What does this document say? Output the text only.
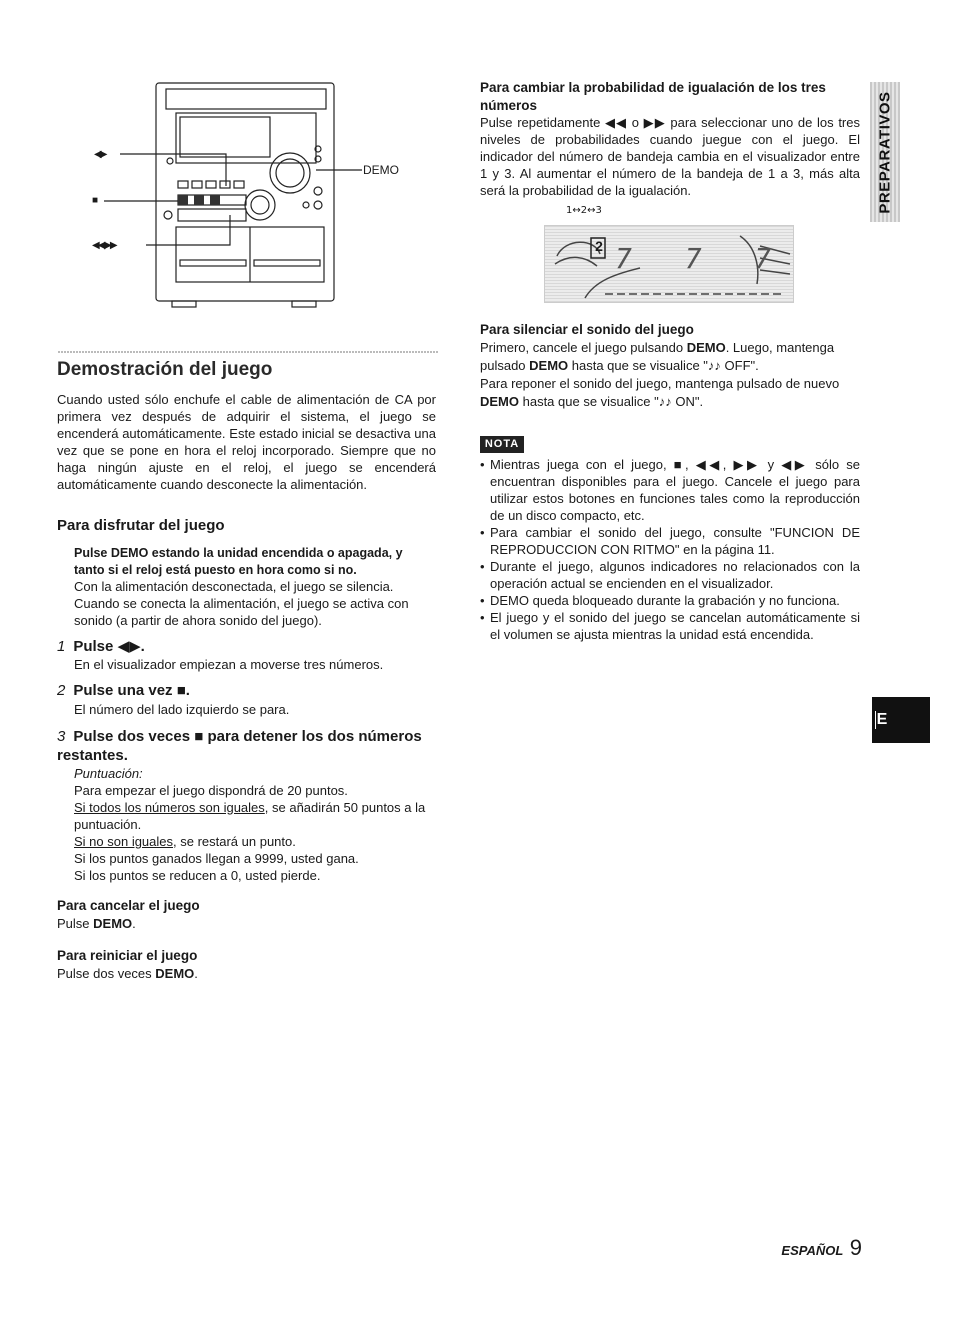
◀▶
■
◀◀,▶▶
DEMO
Demostración del juego

Cuando usted sólo enchufe el cable de alimentación de CA por primera vez después de adquirir el sistema, el juego se encenderá automáticamente. Este estado inicial se desactiva una vez que se pone en hora el reloj incorporado. Siempre que no haga ningún ajuste en el reloj, el juego se encenderá automáticamente cuando desconecte la alimentación.

Para disfrutar del juego

Pulse DEMO estando la unidad encendida o apagada, y tanto si el reloj está puesto en hora como si no.

Con la alimentación desconectada, el juego se silencia. Cuando se conecta la alimentación, el juego se activa con sonido (a partir de ahora sonido del juego).

1 Pulse ◀▶.

En el visualizador empiezan a moverse tres números.

2 Pulse una vez ■.

El número del lado izquierdo se para.

3 Pulse dos veces ■ para detener los dos números restantes.

Puntuación:

Para empezar el juego dispondrá de 20 puntos.

Si todos los números son iguales, se añadirán 50 puntos a la puntuación.

Si no son iguales, se restará un punto.

Si los puntos ganados llegan a 9999, usted gana.

Si los puntos se reducen a 0, usted pierde.

Para cancelar el juego

Pulse DEMO.

Para reiniciar el juego

Pulse dos veces DEMO.

Para cambiar la probabilidad de igualación de los tres números

Pulse repetidamente ◀◀ o ▶▶ para seleccionar uno de los tres niveles de probabilidades cuando juegue con el juego. El indicador del número de bandeja cambia en el visualizador entre 1 y 3. Al aumentar el número de la bandeja de 1 a 3, más alta será la probabilidad de la igualación.

1↔2↔3
2 7 7 7
Para silenciar el sonido del juego

Primero, cancele el juego pulsando DEMO. Luego, mantenga pulsado DEMO hasta que se visualice "♪♪ OFF".

Para reponer el sonido del juego, mantenga pulsado de nuevo DEMO hasta que se visualice "♪♪ ON".

NOTA

• Mientras juega con el juego, ■, ◀◀, ▶▶ y ◀▶ sólo se encuentran disponibles para el juego. Cancele el juego para utilizar estos botones en funciones tales como la reproducción de un disco compacto, etc.

• Para cambiar el sonido del juego, consulte "FUNCION DE REPRODUCCION CON RITMO" en la página 11.

• Durante el juego, algunos indicadores no relacionados con la operación actual se encienden en el visualizador.

• DEMO queda bloqueado durante la grabación y no funciona.

• El juego y el sonido del juego se cancelan automáticamente si el volumen se ajusta mientras la unidad está encendida.

PREPARATIVOS
E
ESPAÑOL 9
